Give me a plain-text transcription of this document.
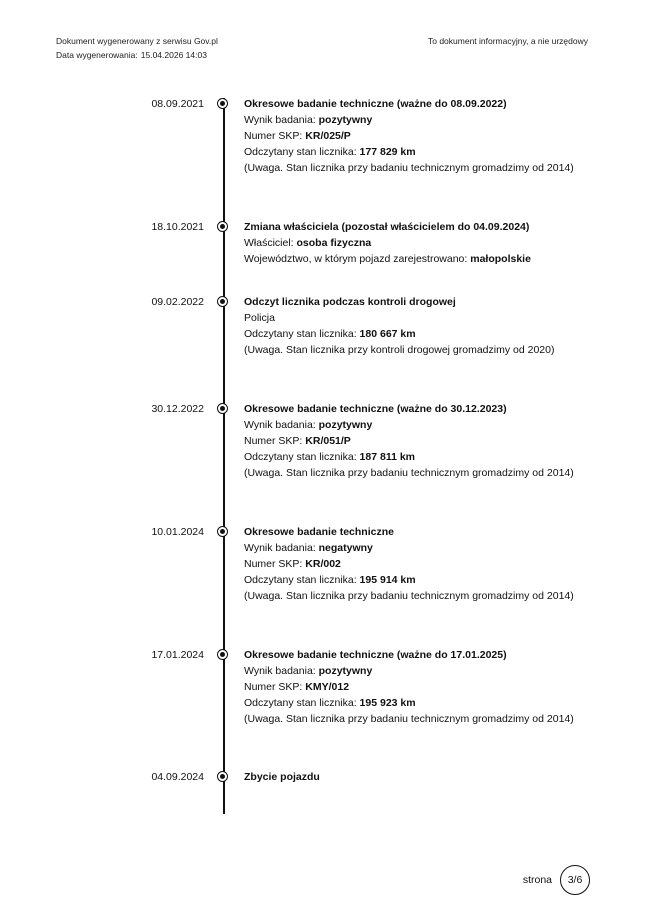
Dokument wygenerowany z serwisu Gov.pl
Data wygenerowania: 15.04.2026 14:03
To dokument informacyjny, a nie urzędowy
08.09.2021	Okresowe badanie techniczne (ważne do 08.09.2022)
Wynik badania: pozytywny
Numer SKP: KR/025/P
Odczytany stan licznika: 177 829 km
(Uwaga. Stan licznika przy badaniu technicznym gromadzimy od 2014)
18.10.2021	Zmiana właściciela (pozostał właścicielem do 04.09.2024)
Właściciel: osoba fizyczna
Województwo, w którym pojazd zarejestrowano: małopolskie
09.02.2022	Odczyt licznika podczas kontroli drogowej
Policja
Odczytany stan licznika: 180 667 km
(Uwaga. Stan licznika przy kontroli drogowej gromadzimy od 2020)
30.12.2022	Okresowe badanie techniczne (ważne do 30.12.2023)
Wynik badania: pozytywny
Numer SKP: KR/051/P
Odczytany stan licznika: 187 811 km
(Uwaga. Stan licznika przy badaniu technicznym gromadzimy od 2014)
10.01.2024	Okresowe badanie techniczne
Wynik badania: negatywny
Numer SKP: KR/002
Odczytany stan licznika: 195 914 km
(Uwaga. Stan licznika przy badaniu technicznym gromadzimy od 2014)
17.01.2024	Okresowe badanie techniczne (ważne do 17.01.2025)
Wynik badania: pozytywny
Numer SKP: KMY/012
Odczytany stan licznika: 195 923 km
(Uwaga. Stan licznika przy badaniu technicznym gromadzimy od 2014)
04.09.2024	Zbycie pojazdu
strona 3/6
